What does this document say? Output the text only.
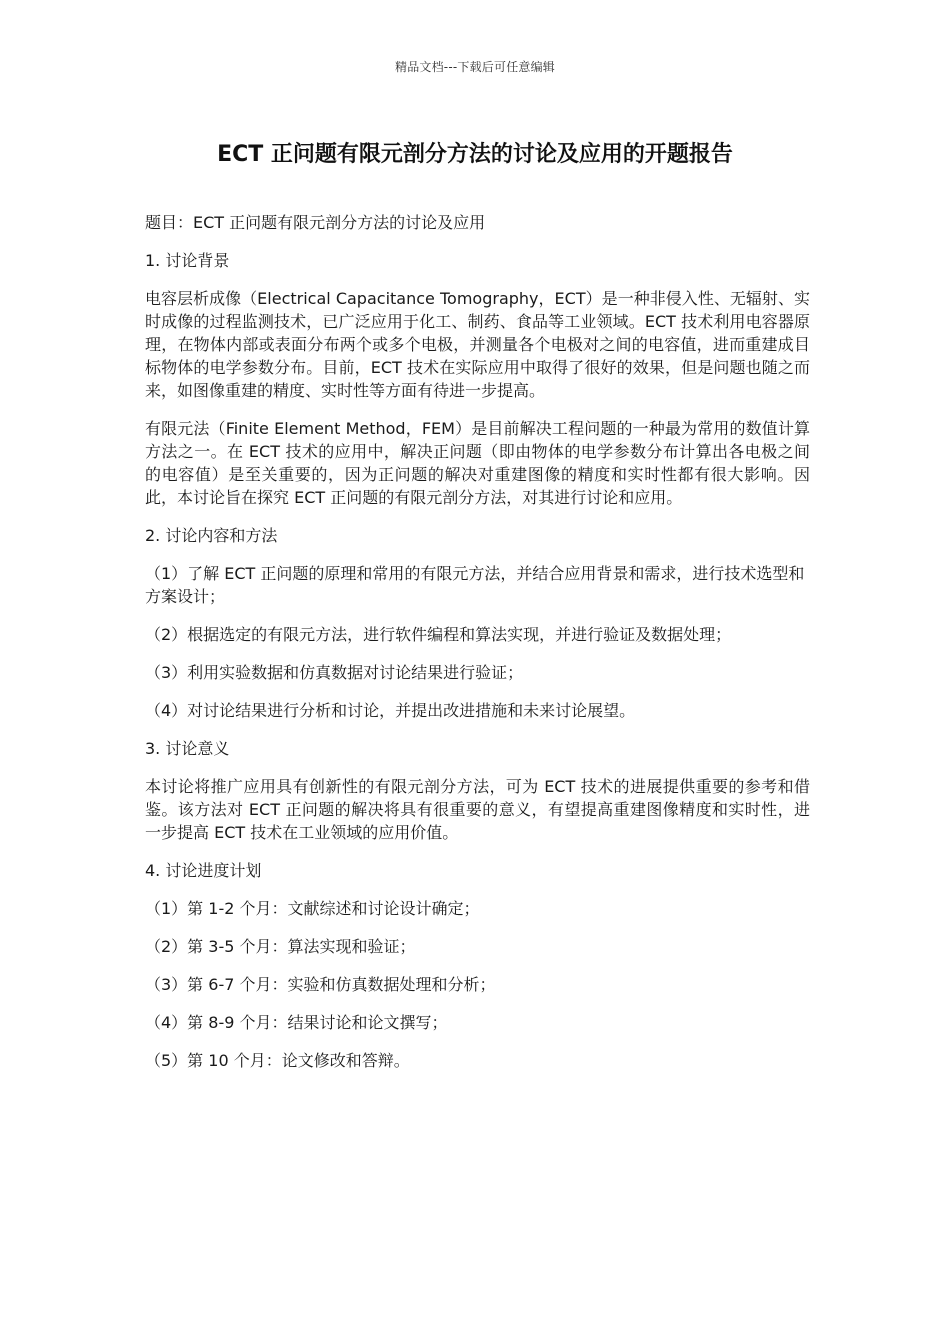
精品文档---下载后可任意编辑
ECT 正问题有限元剖分方法的讨论及应用的开题报告

题目：ECT 正问题有限元剖分方法的讨论及应用

1. 讨论背景

电容层析成像（Electrical Capacitance Tomography，ECT）是一种非侵入性、无辐射、实时成像的过程监测技术，已广泛应用于化工、制药、食品等工业领域。ECT 技术利用电容器原理，在物体内部或表面分布两个或多个电极，并测量各个电极对之间的电容值，进而重建成目标物体的电学参数分布。目前，ECT 技术在实际应用中取得了很好的效果，但是问题也随之而来，如图像重建的精度、实时性等方面有待进一步提高。

有限元法（Finite Element Method，FEM）是目前解决工程问题的一种最为常用的数值计算方法之一。在 ECT 技术的应用中，解决正问题（即由物体的电学参数分布计算出各电极之间的电容值）是至关重要的，因为正问题的解决对重建图像的精度和实时性都有很大影响。因此，本讨论旨在探究 ECT 正问题的有限元剖分方法，对其进行讨论和应用。

2. 讨论内容和方法

（1）了解 ECT 正问题的原理和常用的有限元方法，并结合应用背景和需求，进行技术选型和方案设计；

（2）根据选定的有限元方法，进行软件编程和算法实现，并进行验证及数据处理；

（3）利用实验数据和仿真数据对讨论结果进行验证；

（4）对讨论结果进行分析和讨论，并提出改进措施和未来讨论展望。

3. 讨论意义

本讨论将推广应用具有创新性的有限元剖分方法，可为 ECT 技术的进展提供重要的参考和借鉴。该方法对 ECT 正问题的解决将具有很重要的意义，有望提高重建图像精度和实时性，进一步提高 ECT 技术在工业领域的应用价值。

4. 讨论进度计划

（1）第 1-2 个月：文献综述和讨论设计确定；

（2）第 3-5 个月：算法实现和验证；

（3）第 6-7 个月：实验和仿真数据处理和分析；

（4）第 8-9 个月：结果讨论和论文撰写；

（5）第 10 个月：论文修改和答辩。
